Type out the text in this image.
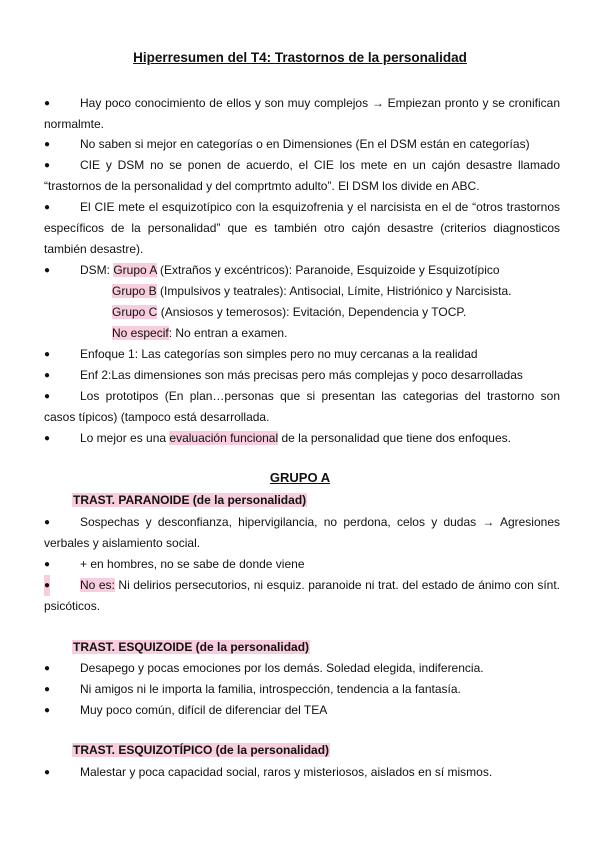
Hiperresumen del T4: Trastornos de la personalidad
●	Hay poco conocimiento de ellos y son muy complejos → Empiezan pronto y se cronifican normalmte.
●	No saben si mejor en categorías o en Dimensiones (En el DSM están en categorías)
●	CIE y DSM no se ponen de acuerdo, el CIE los mete en un cajón desastre llamado “trastornos de la personalidad y del comprtmto adulto”. El DSM los divide en ABC.
●	El CIE mete el esquizotípico con la esquizofrenia y el narcisista en el de “otros trastornos específicos de la personalidad” que es también otro cajón desastre (criterios diagnosticos también desastre).
●	DSM: Grupo A (Extraños y excéntricos): Paranoide, Esquizoide y Esquizotípico
Grupo B (Impulsivos y teatrales): Antisocial, Límite, Histriónico y Narcisista.
Grupo C (Ansiosos y temerosos): Evitación, Dependencia y TOCP.
No especif: No entran a examen.
●	Enfoque 1: Las categorías son simples pero no muy cercanas a la realidad
●	Enf 2:Las dimensiones son más precisas pero más complejas y poco desarrolladas
●	Los prototipos (En plan…personas que si presentan las categorias del trastorno son casos típicos) (tampoco está desarrollada.
●	Lo mejor es una evaluación funcional de la personalidad que tiene dos enfoques.
GRUPO A
TRAST. PARANOIDE (de la personalidad)
●	Sospechas y desconfianza, hipervigilancia, no perdona, celos y dudas → Agresiones verbales y aislamiento social.
●	+ en hombres, no se sabe de donde viene
●	No es: Ni delirios persecutorios, ni esquiz. paranoide ni trat. del estado de ánimo con sínt. psicóticos.
TRAST. ESQUIZOIDE (de la personalidad)
●	Desapego y pocas emociones por los demás. Soledad elegida, indiferencia.
●	Ni amigos ni le importa la familia, introspección, tendencia a la fantasía.
●	Muy poco común, difícil de diferenciar del TEA
TRAST. ESQUIZOTÍPICO (de la personalidad)
●	Malestar y poca capacidad social, raros y misteriosos, aislados en sí mismos.
